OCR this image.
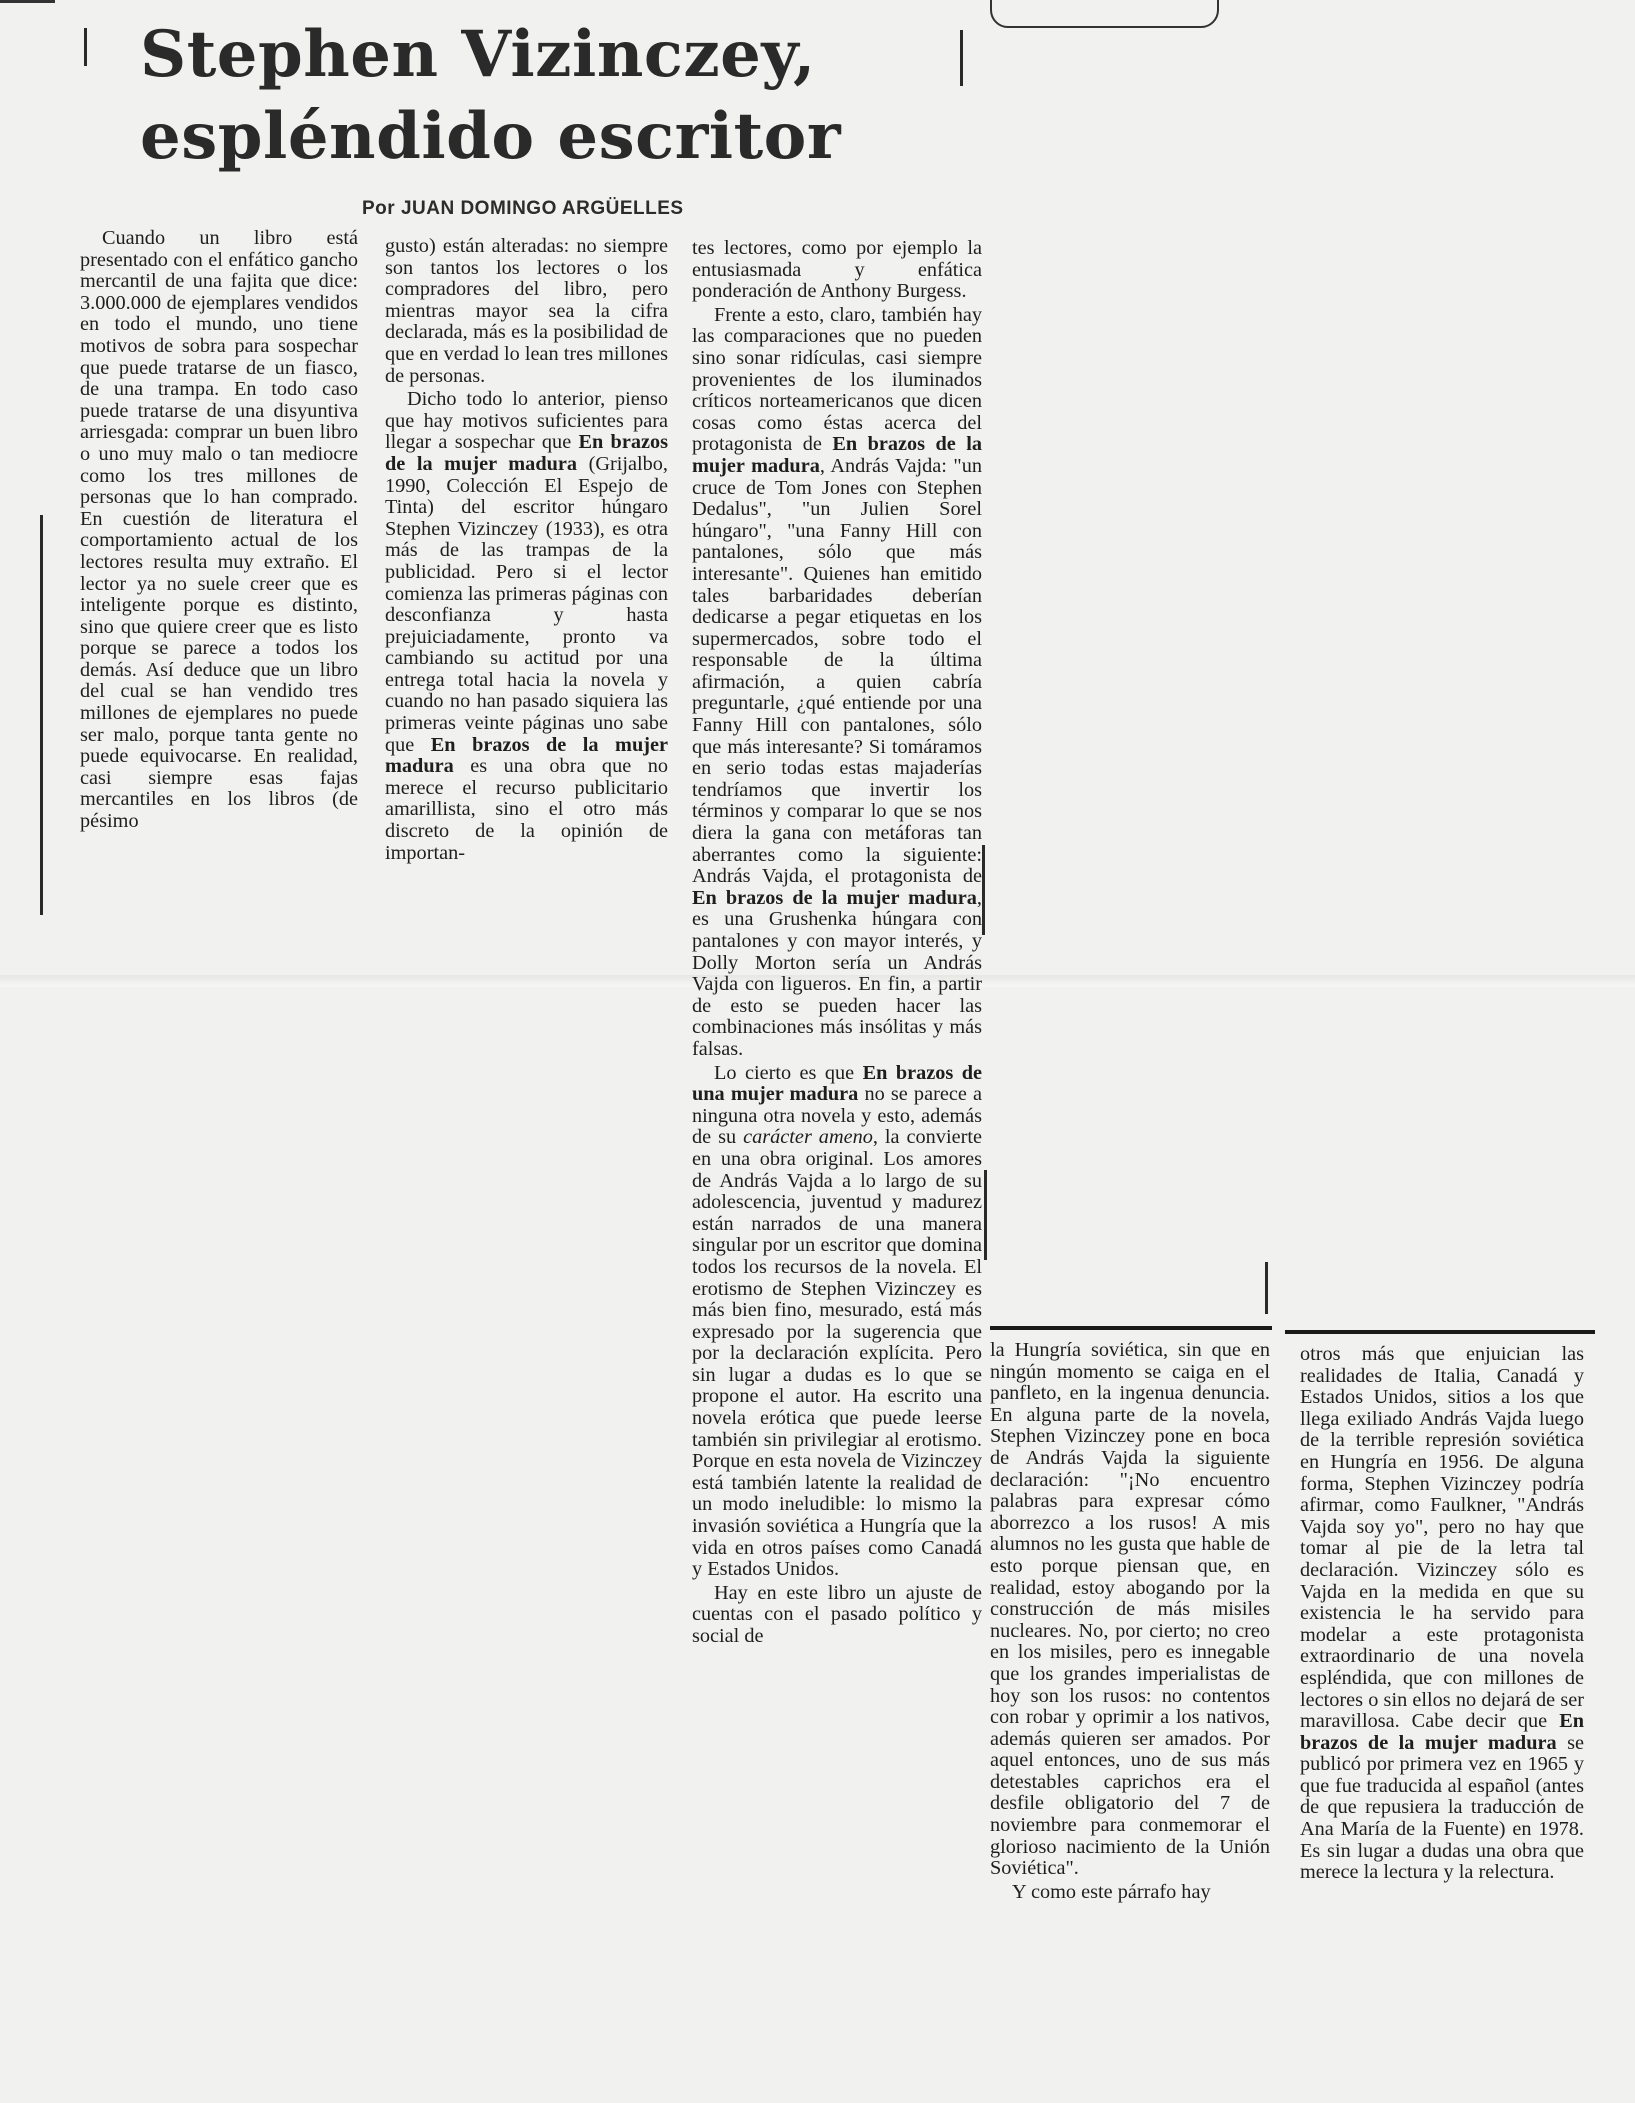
Stephen Vizinczey,
espléndido escritor
Por JUAN DOMINGO ARGÜELLES

Cuando un libro está presentado con el enfático gancho mercantil de una fajita que dice: 3.000.000 de ejemplares vendidos en todo el mundo, uno tiene motivos de sobra para sospechar que puede tratarse de un fiasco, de una trampa. En todo caso puede tratarse de una disyuntiva arriesgada: comprar un buen libro o uno muy malo o tan mediocre como los tres millones de personas que lo han comprado. En cuestión de literatura el comportamiento actual de los lectores resulta muy extraño. El lector ya no suele creer que es inteligente porque es distinto, sino que quiere creer que es listo porque se parece a todos los demás. Así deduce que un libro del cual se han vendido tres millones de ejemplares no puede ser malo, porque tanta gente no puede equivocarse. En realidad, casi siempre esas fajas mercantiles en los libros (de pésimo

gusto) están alteradas: no siempre son tantos los lectores o los compradores del libro, pero mientras mayor sea la cifra declarada, más es la posibilidad de que en verdad lo lean tres millones de personas.

Dicho todo lo anterior, pienso que hay motivos suficientes para llegar a sospechar que En brazos de la mujer madura (Grijalbo, 1990, Colección El Espejo de Tinta) del escritor húngaro Stephen Vizinczey (1933), es otra más de las trampas de la publicidad. Pero si el lector comienza las primeras páginas con desconfianza y hasta prejuiciadamente, pronto va cambiando su actitud por una entrega total hacia la novela y cuando no han pasado siquiera las primeras veinte páginas uno sabe que En brazos de la mujer madura es una obra que no merece el recurso publicitario amarillista, sino el otro más discreto de la opinión de importan-

tes lectores, como por ejemplo la entusiasmada y enfática ponderación de Anthony Burgess.

Frente a esto, claro, también hay las comparaciones que no pueden sino sonar ridículas, casi siempre provenientes de los iluminados críticos norteamericanos que dicen cosas como éstas acerca del protagonista de En brazos de la mujer madura, András Vajda: "un cruce de Tom Jones con Stephen Dedalus", "un Julien Sorel húngaro", "una Fanny Hill con pantalones, sólo que más interesante". Quienes han emitido tales barbaridades deberían dedicarse a pegar etiquetas en los supermercados, sobre todo el responsable de la última afirmación, a quien cabría preguntarle, ¿qué entiende por una Fanny Hill con pantalones, sólo que más interesante? Si tomáramos en serio todas estas majaderías tendríamos que invertir los términos y comparar lo que se nos diera la gana con metáforas tan aberrantes como la siguiente: András Vajda, el protagonista de En brazos de la mujer madura, es una Grushenka húngara con pantalones y con mayor interés, y Dolly Morton sería un András Vajda con ligueros. En fin, a partir de esto se pueden hacer las combinaciones más insólitas y más falsas.

Lo cierto es que En brazos de una mujer madura no se parece a ninguna otra novela y esto, además de su carácter ameno, la convierte en una obra original. Los amores de András Vajda a lo largo de su adolescencia, juventud y madurez están narrados de una manera singular por un escritor que domina todos los recursos de la novela. El erotismo de Stephen Vizinczey es más bien fino, mesurado, está más expresado por la sugerencia que por la declaración explícita. Pero sin lugar a dudas es lo que se propone el autor. Ha escrito una novela erótica que puede leerse también sin privilegiar al erotismo. Porque en esta novela de Vizinczey está también latente la realidad de un modo ineludible: lo mismo la invasión soviética a Hungría que la vida en otros países como Canadá y Estados Unidos.

Hay en este libro un ajuste de cuentas con el pasado político y social de

la Hungría soviética, sin que en ningún momento se caiga en el panfleto, en la ingenua denuncia. En alguna parte de la novela, Stephen Vizinczey pone en boca de András Vajda la siguiente declaración: "¡No encuentro palabras para expresar cómo aborrezco a los rusos! A mis alumnos no les gusta que hable de esto porque piensan que, en realidad, estoy abogando por la construcción de más misiles nucleares. No, por cierto; no creo en los misiles, pero es innegable que los grandes imperialistas de hoy son los rusos: no contentos con robar y oprimir a los nativos, además quieren ser amados. Por aquel entonces, uno de sus más detestables caprichos era el desfile obligatorio del 7 de noviembre para conmemorar el glorioso nacimiento de la Unión Soviética".

Y como este párrafo hay

otros más que enjuician las realidades de Italia, Canadá y Estados Unidos, sitios a los que llega exiliado András Vajda luego de la terrible represión soviética en Hungría en 1956. De alguna forma, Stephen Vizinczey podría afirmar, como Faulkner, "András Vajda soy yo", pero no hay que tomar al pie de la letra tal declaración. Vizinczey sólo es Vajda en la medida en que su existencia le ha servido para modelar a este protagonista extraordinario de una novela espléndida, que con millones de lectores o sin ellos no dejará de ser maravillosa. Cabe decir que En brazos de la mujer madura se publicó por primera vez en 1965 y que fue traducida al español (antes de que repusiera la traducción de Ana María de la Fuente) en 1978. Es sin lugar a dudas una obra que merece la lectura y la relectura.
